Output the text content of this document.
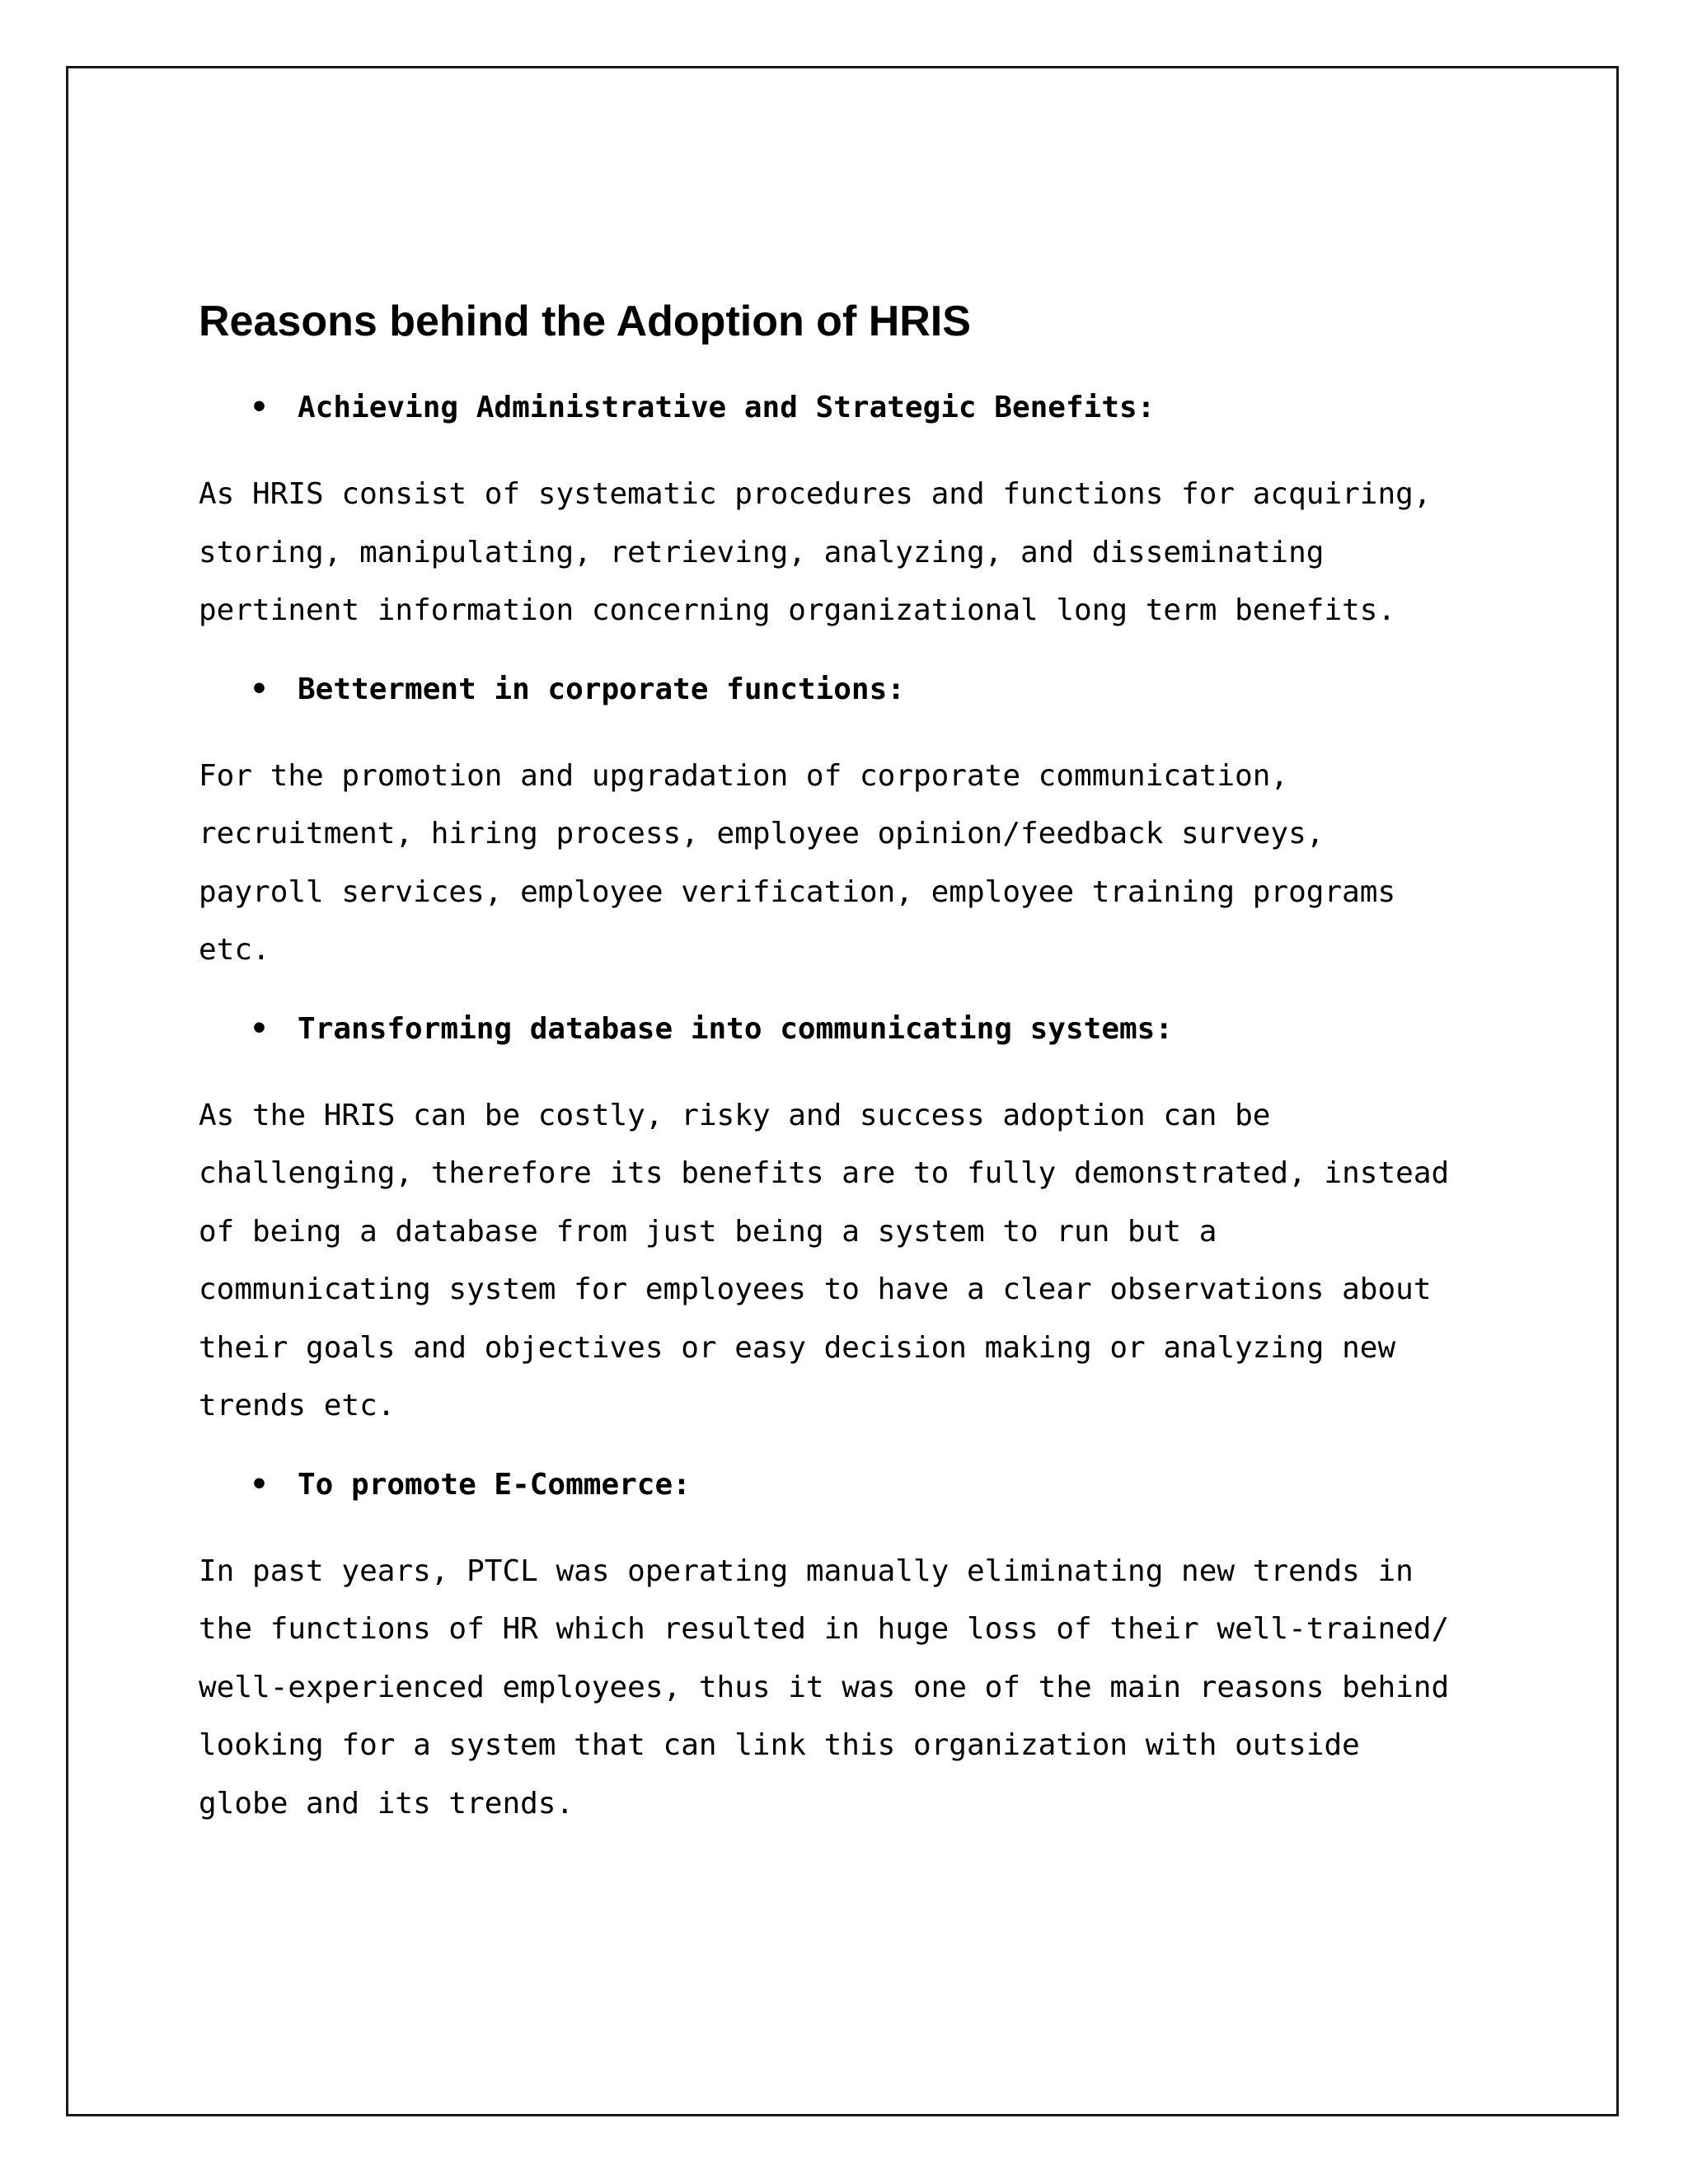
Reasons behind the Adoption of HRIS
• Achieving Administrative and Strategic Benefits:
As HRIS consist of systematic procedures and functions for acquiring,
storing, manipulating, retrieving, analyzing, and disseminating
pertinent information concerning organizational long term benefits.
• Betterment in corporate functions:
For the promotion and upgradation of corporate communication,
recruitment, hiring process, employee opinion/feedback surveys,
payroll services, employee verification, employee training programs
etc.
• Transforming database into communicating systems:
As the HRIS can be costly, risky and success adoption can be
challenging, therefore its benefits are to fully demonstrated, instead
of being a database from just being a system to run but a
communicating system for employees to have a clear observations about
their goals and objectives or easy decision making or analyzing new
trends etc.
• To promote E-Commerce:
In past years, PTCL was operating manually eliminating new trends in
the functions of HR which resulted in huge loss of their well-trained/
well-experienced employees, thus it was one of the main reasons behind
looking for a system that can link this organization with outside
globe and its trends.
